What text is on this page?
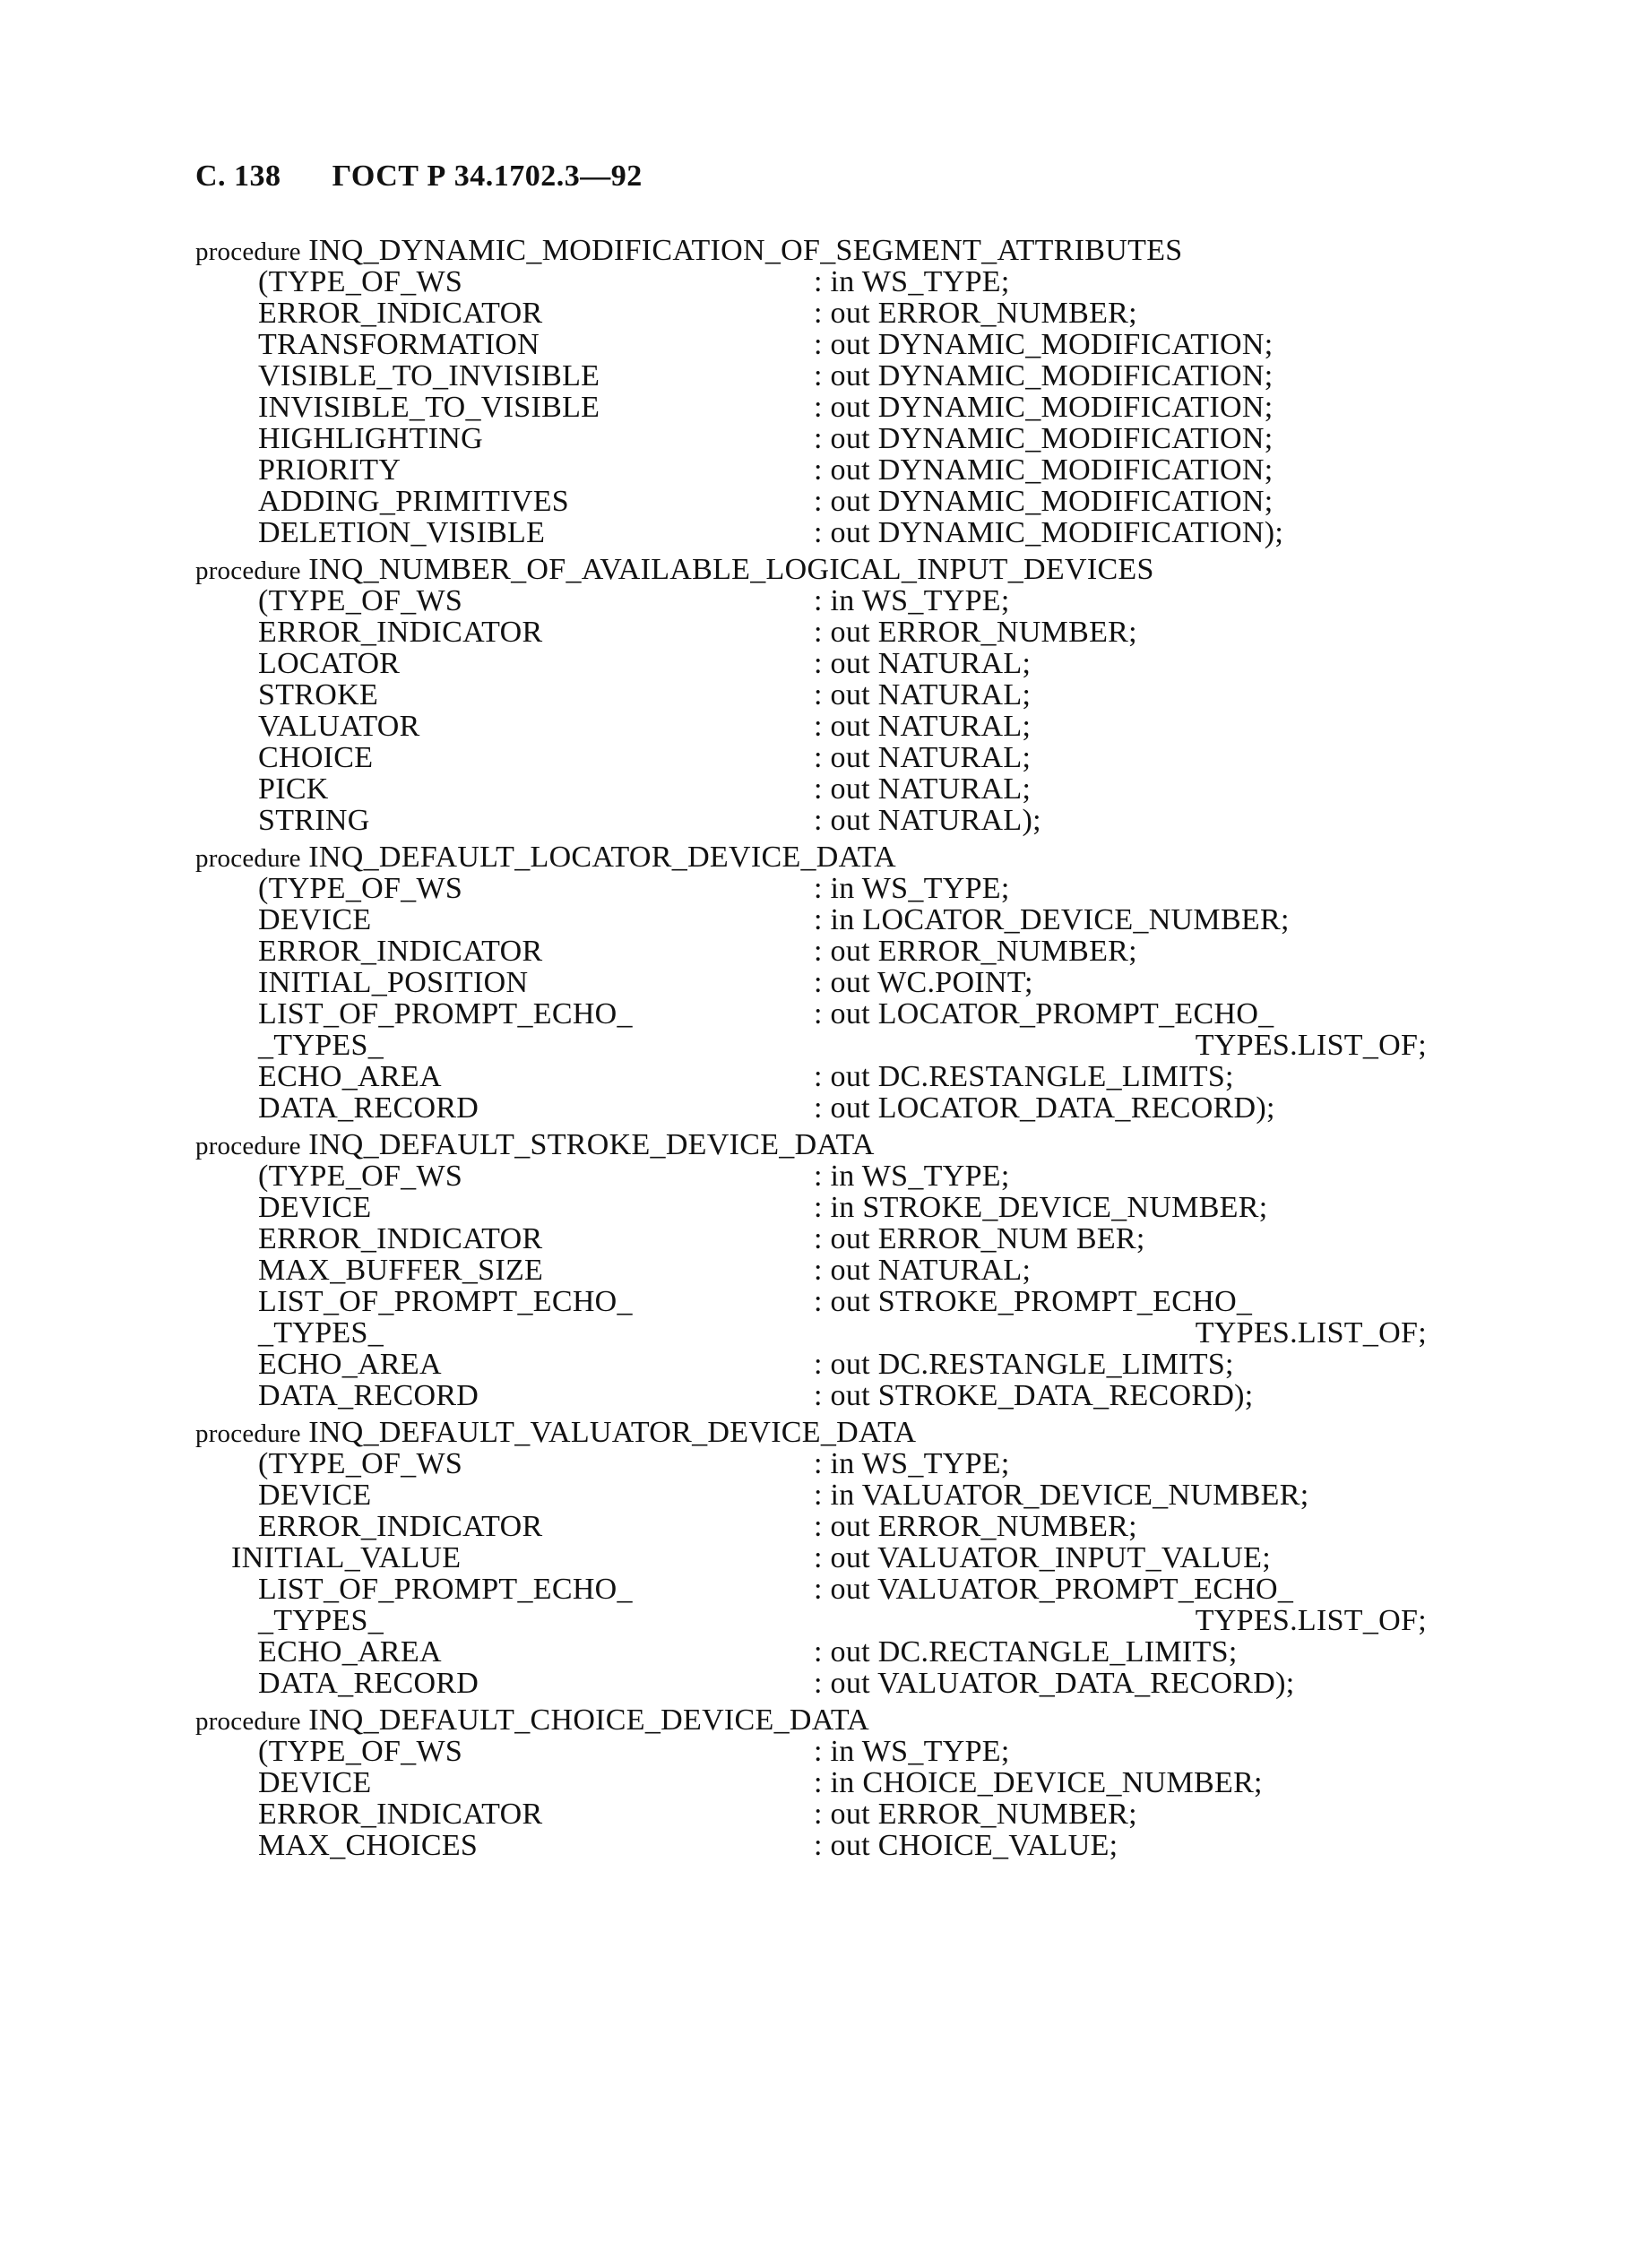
С. 138 ГОСТ Р 34.1702.3—92
procedure INQ_DYNAMIC_MODIFICATION_OF_SEGMENT_ATTRIBUTES
(TYPE_OF_WS	: in WS_TYPE;
ERROR_INDICATOR	: out ERROR_NUMBER;
TRANSFORMATION	: out DYNAMIC_MODIFICATION;
VISIBLE_TO_INVISIBLE	: out DYNAMIC_MODIFICATION;
INVISIBLE_TO_VISIBLE	: out DYNAMIC_MODIFICATION;
HIGHLIGHTING	: out DYNAMIC_MODIFICATION;
PRIORITY	: out DYNAMIC_MODIFICATION;
ADDING_PRIMITIVES	: out DYNAMIC_MODIFICATION;
DELETION_VISIBLE	: out DYNAMIC_MODIFICATION);
procedure INQ_NUMBER_OF_AVAILABLE_LOGICAL_INPUT_DEVICES
(TYPE_OF_WS	: in WS_TYPE;
ERROR_INDICATOR	: out ERROR_NUMBER;
LOCATOR	: out NATURAL;
STROKE	: out NATURAL;
VALUATOR	: out NATURAL;
CHOICE	: out NATURAL;
PICK	: out NATURAL;
STRING	: out NATURAL);
procedure INQ_DEFAULT_LOCATOR_DEVICE_DATA
(TYPE_OF_WS	: in WS_TYPE;
DEVICE	: in LOCATOR_DEVICE_NUMBER;
ERROR_INDICATOR	: out ERROR_NUMBER;
INITIAL_POSITION	: out WC.POINT;
LIST_OF_PROMPT_ECHO_	: out LOCATOR_PROMPT_ECHO_
_TYPES_	TYPES.LIST_OF;
ECHO_AREA	: out DC.RESTANGLE_LIMITS;
DATA_RECORD	: out LOCATOR_DATA_RECORD);
procedure INQ_DEFAULT_STROKE_DEVICE_DATA
(TYPE_OF_WS	: in WS_TYPE;
DEVICE	: in STROKE_DEVICE_NUMBER;
ERROR_INDICATOR	: out ERROR_NUM BER;
MAX_BUFFER_SIZE	: out NATURAL;
LIST_OF_PROMPT_ECHO_	: out STROKE_PROMPT_ECHO_
_TYPES_	TYPES.LIST_OF;
ECHO_AREA	: out DC.RESTANGLE_LIMITS;
DATA_RECORD	: out STROKE_DATA_RECORD);
procedure INQ_DEFAULT_VALUATOR_DEVICE_DATA
(TYPE_OF_WS	: in WS_TYPE;
DEVICE	: in VALUATOR_DEVICE_NUMBER;
ERROR_INDICATOR	: out ERROR_NUMBER;
INITIAL_VALUE	: out VALUATOR_INPUT_VALUE;
LIST_OF_PROMPT_ECHO_	: out VALUATOR_PROMPT_ECHO_
_TYPES_	TYPES.LIST_OF;
ECHO_AREA	: out DC.RECTANGLE_LIMITS;
DATA_RECORD	: out VALUATOR_DATA_RECORD);
procedure INQ_DEFAULT_CHOICE_DEVICE_DATA
(TYPE_OF_WS	: in WS_TYPE;
DEVICE	: in CHOICE_DEVICE_NUMBER;
ERROR_INDICATOR	: out ERROR_NUMBER;
MAX_CHOICES	: out CHOICE_VALUE;
